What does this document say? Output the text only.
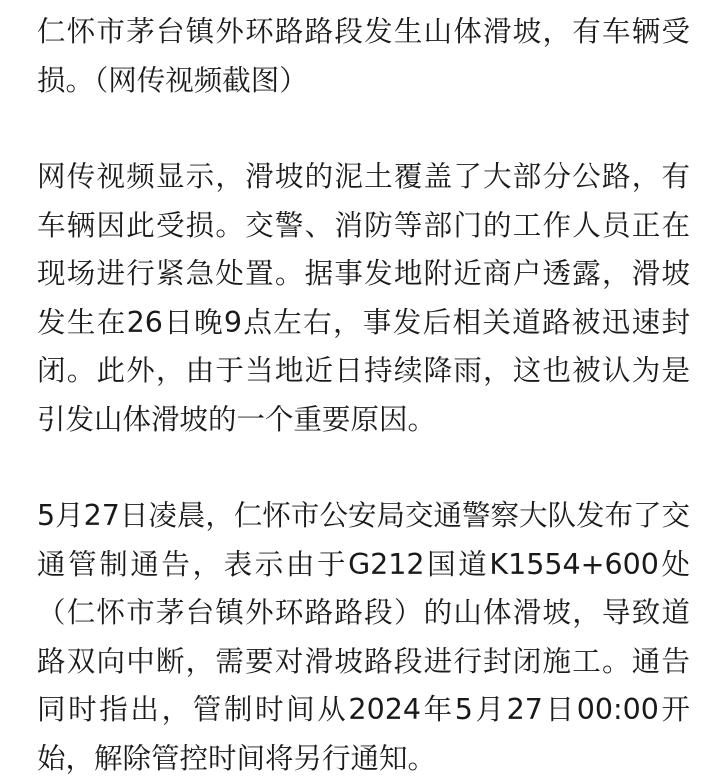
仁怀市茅台镇外环路路段发生山体滑坡，有车辆受损。（网传视频截图）

网传视频显示，滑坡的泥土覆盖了大部分公路，有车辆因此受损。交警、消防等部门的工作人员正在现场进行紧急处置。据事发地附近商户透露，滑坡发生在26日晚9点左右，事发后相关道路被迅速封闭。此外，由于当地近日持续降雨，这也被认为是引发山体滑坡的一个重要原因。

5月27日凌晨，仁怀市公安局交通警察大队发布了交通管制通告，表示由于G212国道K1554+600处（仁怀市茅台镇外环路路段）的山体滑坡，导致道路双向中断，需要对滑坡路段进行封闭施工。通告同时指出，管制时间从2024年5月27日00:00开始，解除管控时间将另行通知。
